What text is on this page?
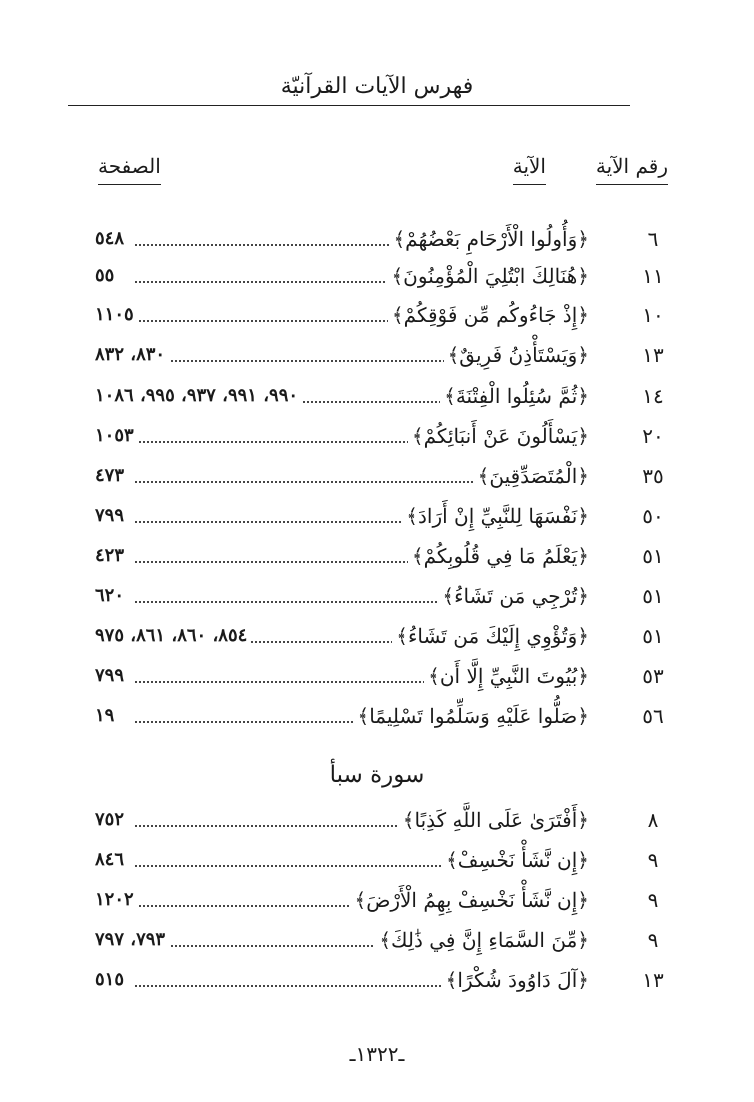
فهرس الآيات القرآنيّة
رقم الآية
الآية
الصفحة
٦
﴿وَأُولُوا الْأَرْحَامِ بَعْضُهُمْ﴾
٥٤٨
١١
﴿هُنَالِكَ ابْتُلِيَ الْمُؤْمِنُونَ﴾
٥٥
١٠
﴿إِذْ جَاءُوكُم مِّن فَوْقِكُمْ﴾
١١٠٥
١٣
﴿وَيَسْتَأْذِنُ فَرِيقٌ﴾
٨٣٠، ٨٣٢
١٤
﴿ثُمَّ سُئِلُوا الْفِتْنَةَ﴾
٩٩٠، ٩٩١، ٩٣٧، ٩٩٥، ١٠٨٦
٢٠
﴿يَسْأَلُونَ عَنْ أَنبَائِكُمْ﴾
١٠٥٣
٣٥
﴿الْمُتَصَدِّقِينَ﴾
٤٧٣
٥٠
﴿نَفْسَهَا لِلنَّبِيِّ إِنْ أَرَادَ﴾
٧٩٩
٥١
﴿يَعْلَمُ مَا فِي قُلُوبِكُمْ﴾
٤٢٣
٥١
﴿تُرْجِي مَن تَشَاءُ﴾
٦٢٠
٥١
﴿وَتُؤْوِي إِلَيْكَ مَن تَشَاءُ﴾
٨٥٤، ٨٦٠، ٨٦١، ٩٧٥
٥٣
﴿بُيُوتَ النَّبِيِّ إِلَّا أَن﴾
٧٩٩
٥٦
﴿صَلُّوا عَلَيْهِ وَسَلِّمُوا تَسْلِيمًا﴾
١٩
سورة سبأ
٨
﴿أَفْتَرَىٰ عَلَى اللَّهِ كَذِبًا﴾
٧٥٢
٩
﴿إِن نَّشَأْ نَخْسِفْ﴾
٨٤٦
٩
﴿إِن نَّشَأْ نَخْسِفْ بِهِمُ الْأَرْضَ﴾
١٢٠٢
٩
﴿مِّنَ السَّمَاءِ إِنَّ فِي ذَٰلِكَ﴾
٧٩٣، ٧٩٧
١٣
﴿آلَ دَاوُودَ شُكْرًا﴾
٥١٥
ـ١٣٢٢ـ
